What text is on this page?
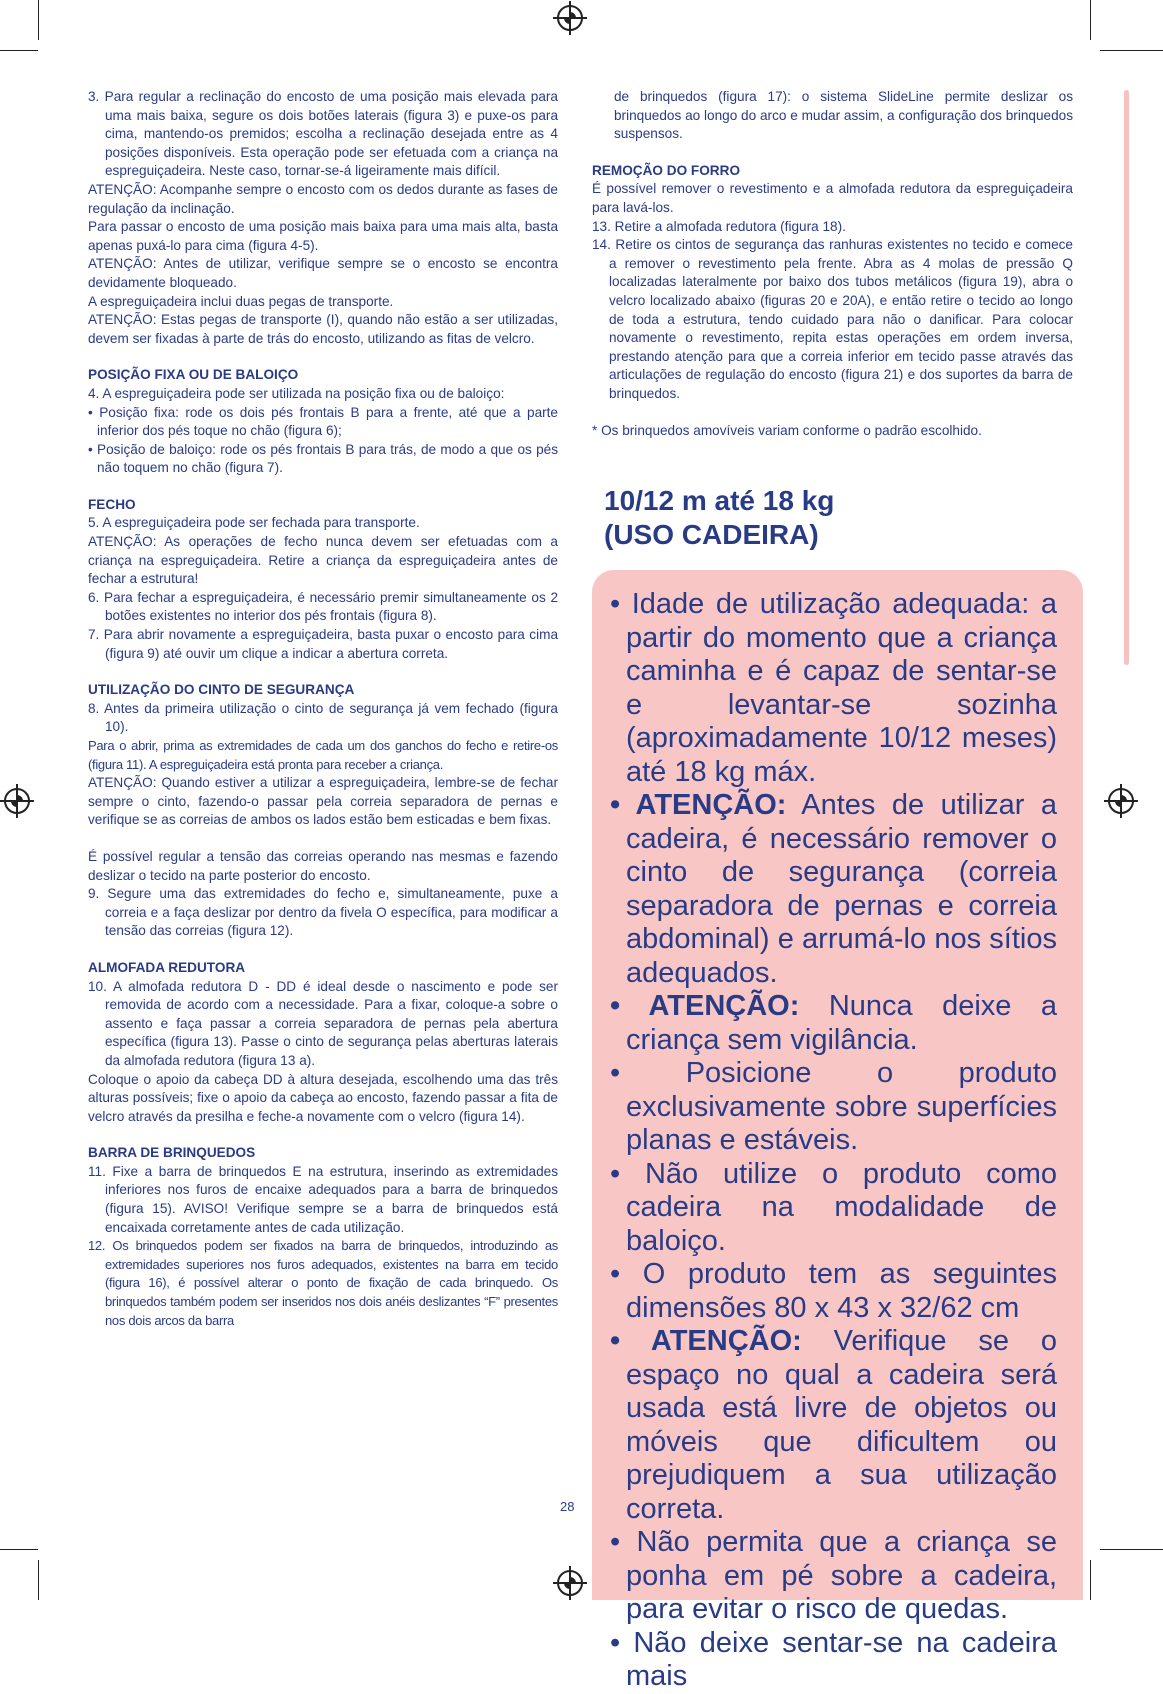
3. Para regular a reclinação do encosto de uma posição mais elevada para uma mais baixa, segure os dois botões laterais (figura 3) e puxe-os para cima, mantendo-os premidos; escolha a reclinação desejada entre as 4 posições disponíveis. Esta operação pode ser efetuada com a criança na espreguiçadeira. Neste caso, tornar-se-á ligeiramente mais difícil.

ATENÇÃO: Acompanhe sempre o encosto com os dedos durante as fases de regulação da inclinação.

Para passar o encosto de uma posição mais baixa para uma mais alta, basta apenas puxá-lo para cima (figura 4-5).

ATENÇÃO: Antes de utilizar, verifique sempre se o encosto se encontra devidamente bloqueado.

A espreguiçadeira inclui duas pegas de transporte.

ATENÇÃO: Estas pegas de transporte (I), quando não estão a ser utilizadas, devem ser fixadas à parte de trás do encosto, utilizando as fitas de velcro.

POSIÇÃO FIXA OU DE BALOIÇO

4. A espreguiçadeira pode ser utilizada na posição fixa ou de baloiço:

• Posição fixa: rode os dois pés frontais B para a frente, até que a parte inferior dos pés toque no chão (figura 6);

• Posição de baloiço: rode os pés frontais B para trás, de modo a que os pés não toquem no chão (figura 7).

FECHO

5. A espreguiçadeira pode ser fechada para transporte.

ATENÇÃO: As operações de fecho nunca devem ser efetuadas com a criança na espreguiçadeira. Retire a criança da espreguiçadeira antes de fechar a estrutura!

6. Para fechar a espreguiçadeira, é necessário premir simultaneamente os 2 botões existentes no interior dos pés frontais (figura 8).

7. Para abrir novamente a espreguiçadeira, basta puxar o encosto para cima (figura 9) até ouvir um clique a indicar a abertura correta.

UTILIZAÇÃO DO CINTO DE SEGURANÇA

8. Antes da primeira utilização o cinto de segurança já vem fechado (figura 10).

Para o abrir, prima as extremidades de cada um dos ganchos do fecho e retire-os (figura 11). A espreguiçadeira está pronta para receber a criança.

ATENÇÃO: Quando estiver a utilizar a espreguiçadeira, lembre-se de fechar sempre o cinto, fazendo-o passar pela correia separadora de pernas e verifique se as correias de ambos os lados estão bem esticadas e bem fixas.

É possível regular a tensão das correias operando nas mesmas e fazendo deslizar o tecido na parte posterior do encosto.

9. Segure uma das extremidades do fecho e, simultaneamente, puxe a correia e a faça deslizar por dentro da fivela O específica, para modificar a tensão das correias (figura 12).

ALMOFADA REDUTORA

10. A almofada redutora D - DD é ideal desde o nascimento e pode ser removida de acordo com a necessidade. Para a fixar, coloque-a sobre o assento e faça passar a correia separadora de pernas pela abertura específica (figura 13). Passe o cinto de segurança pelas aberturas laterais da almofada redutora (figura 13 a).

Coloque o apoio da cabeça DD à altura desejada, escolhendo uma das três alturas possíveis; fixe o apoio da cabeça ao encosto, fazendo passar a fita de velcro através da presilha e feche-a novamente com o velcro (figura 14).

BARRA DE BRINQUEDOS

11. Fixe a barra de brinquedos E na estrutura, inserindo as extremidades inferiores nos furos de encaixe adequados para a barra de brinquedos (figura 15). AVISO! Verifique sempre se a barra de brinquedos está encaixada corretamente antes de cada utilização.

12. Os brinquedos podem ser fixados na barra de brinquedos, introduzindo as extremidades superiores nos furos adequados, existentes na barra em tecido (figura 16), é possível alterar o ponto de fixação de cada brinquedo. Os brinquedos também podem ser inseridos nos dois anéis deslizantes “F” presentes nos dois arcos da barra

de brinquedos (figura 17): o sistema SlideLine permite deslizar os brinquedos ao longo do arco e mudar assim, a configuração dos brinquedos suspensos.

REMOÇÃO DO FORRO

É possível remover o revestimento e a almofada redutora da espreguiçadeira para lavá-los.

13. Retire a almofada redutora (figura 18).

14. Retire os cintos de segurança das ranhuras existentes no tecido e comece a remover o revestimento pela frente. Abra as 4 molas de pressão Q localizadas lateralmente por baixo dos tubos metálicos (figura 19), abra o velcro localizado abaixo (figuras 20 e 20A), e então retire o tecido ao longo de toda a estrutura, tendo cuidado para não o danificar. Para colocar novamente o revestimento, repita estas operações em ordem inversa, prestando atenção para que a correia inferior em tecido passe através das articulações de regulação do encosto (figura 21) e dos suportes da barra de brinquedos.

* Os brinquedos amovíveis variam conforme o padrão escolhido.

10/12 m até 18 kg
(USO CADEIRA)
• Idade de utilização adequada: a partir do momento que a criança caminha e é capaz de sentar-se e levantar-se sozinha (aproximadamente 10/12 meses) até 18 kg máx.
• ATENÇÃO: Antes de utilizar a cadeira, é necessário remover o cinto de segurança (correia separadora de pernas e correia abdominal) e arrumá-lo nos sítios adequados.
• ATENÇÃO: Nunca deixe a criança sem vigilância.
• Posicione o produto exclusivamente sobre superfícies planas e estáveis.
• Não utilize o produto como cadeira na modalidade de baloiço.
• O produto tem as seguintes dimensões 80 x 43 x 32/62 cm
• ATENÇÃO: Verifique se o espaço no qual a cadeira será usada está livre de objetos ou móveis que dificultem ou prejudiquem a sua utilização correta.
• Não permita que a criança se ponha em pé sobre a cadeira, para evitar o risco de quedas.
• Não deixe sentar-se na cadeira mais
28
